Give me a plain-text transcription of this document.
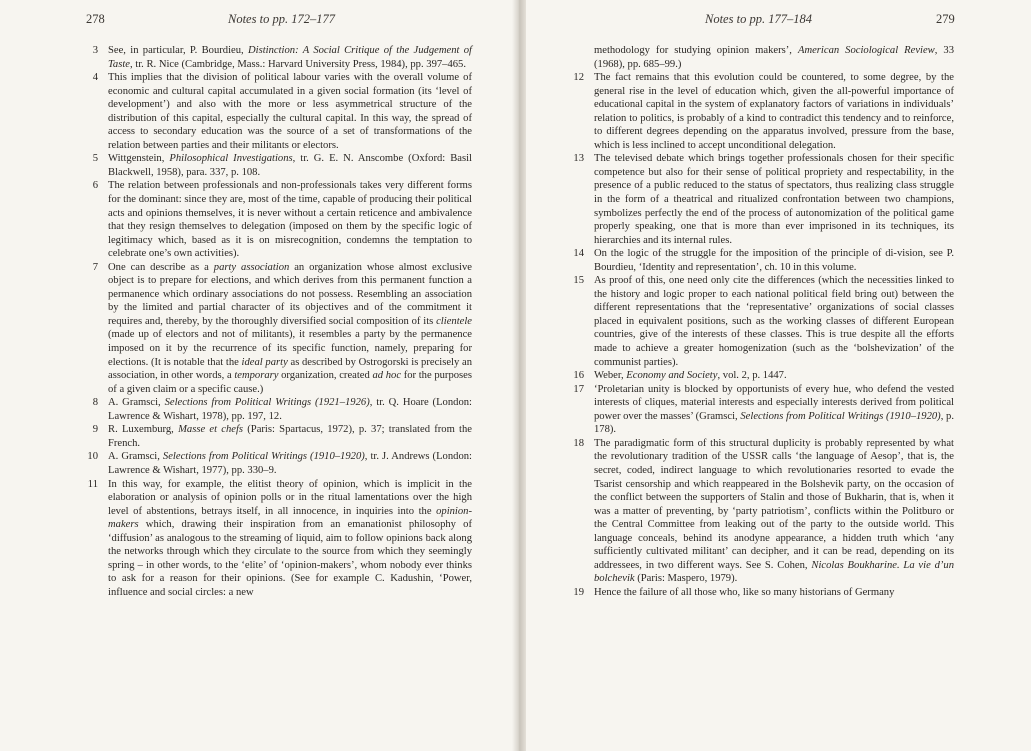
278	Notes to pp. 172–177
3 See, in particular, P. Bourdieu, Distinction: A Social Critique of the Judgement of Taste, tr. R. Nice (Cambridge, Mass.: Harvard University Press, 1984), pp. 397–465.
4 This implies that the division of political labour varies with the overall volume of economic and cultural capital accumulated in a given social formation (its ‘level of development’) and also with the more or less asymmetrical structure of the distribution of this capital, especially the cultural capital. In this way, the spread of access to secondary education was the source of a set of transformations of the relation between parties and their militants or electors.
5 Wittgenstein, Philosophical Investigations, tr. G. E. N. Anscombe (Oxford: Basil Blackwell, 1958), para. 337, p. 108.
6 The relation between professionals and non-professionals takes very different forms for the dominant: since they are, most of the time, capable of producing their political acts and opinions themselves, it is never without a certain reticence and ambivalence that they resign themselves to delegation (imposed on them by the specific logic of legitimacy which, based as it is on misrecognition, condemns the temptation to celebrate one’s own activities).
7 One can describe as a party association an organization whose almost exclusive object is to prepare for elections, and which derives from this permanent function a permanence which ordinary associations do not possess. Resembling an association by the limited and partial character of its objectives and of the commitment it requires and, thereby, by the thoroughly diversified social composition of its clientele (made up of electors and not of militants), it resembles a party by the permanence imposed on it by the recurrence of its specific function, namely, preparing for elections. (It is notable that the ideal party as described by Ostrogorski is precisely an association, in other words, a temporary organization, created ad hoc for the purposes of a given claim or a specific cause.)
8 A. Gramsci, Selections from Political Writings (1921–1926), tr. Q. Hoare (London: Lawrence & Wishart, 1978), pp. 197, 12.
9 R. Luxemburg, Masse et chefs (Paris: Spartacus, 1972), p. 37; translated from the French.
10 A. Gramsci, Selections from Political Writings (1910–1920), tr. J. Andrews (London: Lawrence & Wishart, 1977), pp. 330–9.
11 In this way, for example, the elitist theory of opinion, which is implicit in the elaboration or analysis of opinion polls or in the ritual lamentations over the high level of abstentions, betrays itself, in all innocence, in inquiries into the opinion-makers which, drawing their inspiration from an emanationist philosophy of ‘diffusion’ as analogous to the streaming of liquid, aim to follow opinions back along the networks through which they circulate to the source from which they seemingly spring – in other words, to the ‘elite’ of ‘opinion-makers’, whom nobody ever thinks to ask for a reason for their opinions. (See for example C. Kadushin, ‘Power, influence and social circles: a new
Notes to pp. 177–184	279
methodology for studying opinion makers’, American Sociological Review, 33 (1968), pp. 685–99.)
12 The fact remains that this evolution could be countered, to some degree, by the general rise in the level of education which, given the all-powerful importance of educational capital in the system of explanatory factors of variations in individuals’ relation to politics, is probably of a kind to contradict this tendency and to reinforce, to different degrees depending on the apparatus involved, pressure from the base, which is less inclined to accept unconditional delegation.
13 The televised debate which brings together professionals chosen for their specific competence but also for their sense of political propriety and respectability, in the presence of a public reduced to the status of spectators, thus realizing class struggle in the form of a theatrical and ritualized confrontation between two champions, symbolizes perfectly the end of the process of autonomization of the political game properly speaking, one that is more than ever imprisoned in its techniques, its hierarchies and its internal rules.
14 On the logic of the struggle for the imposition of the principle of di-vision, see P. Bourdieu, ‘Identity and representation’, ch. 10 in this volume.
15 As proof of this, one need only cite the differences (which the necessities linked to the history and logic proper to each national political field bring out) between the different representations that the ‘representative’ organizations of social classes placed in equivalent positions, such as the working classes of different European countries, give of the interests of these classes. This is true despite all the efforts made to achieve a greater homogenization (such as the ‘bolshevization’ of the communist parties).
16 Weber, Economy and Society, vol. 2, p. 1447.
17 ‘Proletarian unity is blocked by opportunists of every hue, who defend the vested interests of cliques, material interests and especially interests derived from political power over the masses’ (Gramsci, Selections from Political Writings (1910–1920), p. 178).
18 The paradigmatic form of this structural duplicity is probably represented by what the revolutionary tradition of the USSR calls ‘the language of Aesop’, that is, the secret, coded, indirect language to which revolutionaries resorted to evade the Tsarist censorship and which reappeared in the Bolshevik party, on the occasion of the conflict between the supporters of Stalin and those of Bukharin, that is, when it was a matter of preventing, by ‘party patriotism’, conflicts within the Politburo or the Central Committee from leaking out of the party to the outside world. This language conceals, behind its anodyne appearance, a hidden truth which ‘any sufficiently cultivated militant’ can decipher, and it can be read, depending on its addressees, in two different ways. See S. Cohen, Nicolas Boukharine. La vie d’un bolchevik (Paris: Maspero, 1979).
19 Hence the failure of all those who, like so many historians of Germany
